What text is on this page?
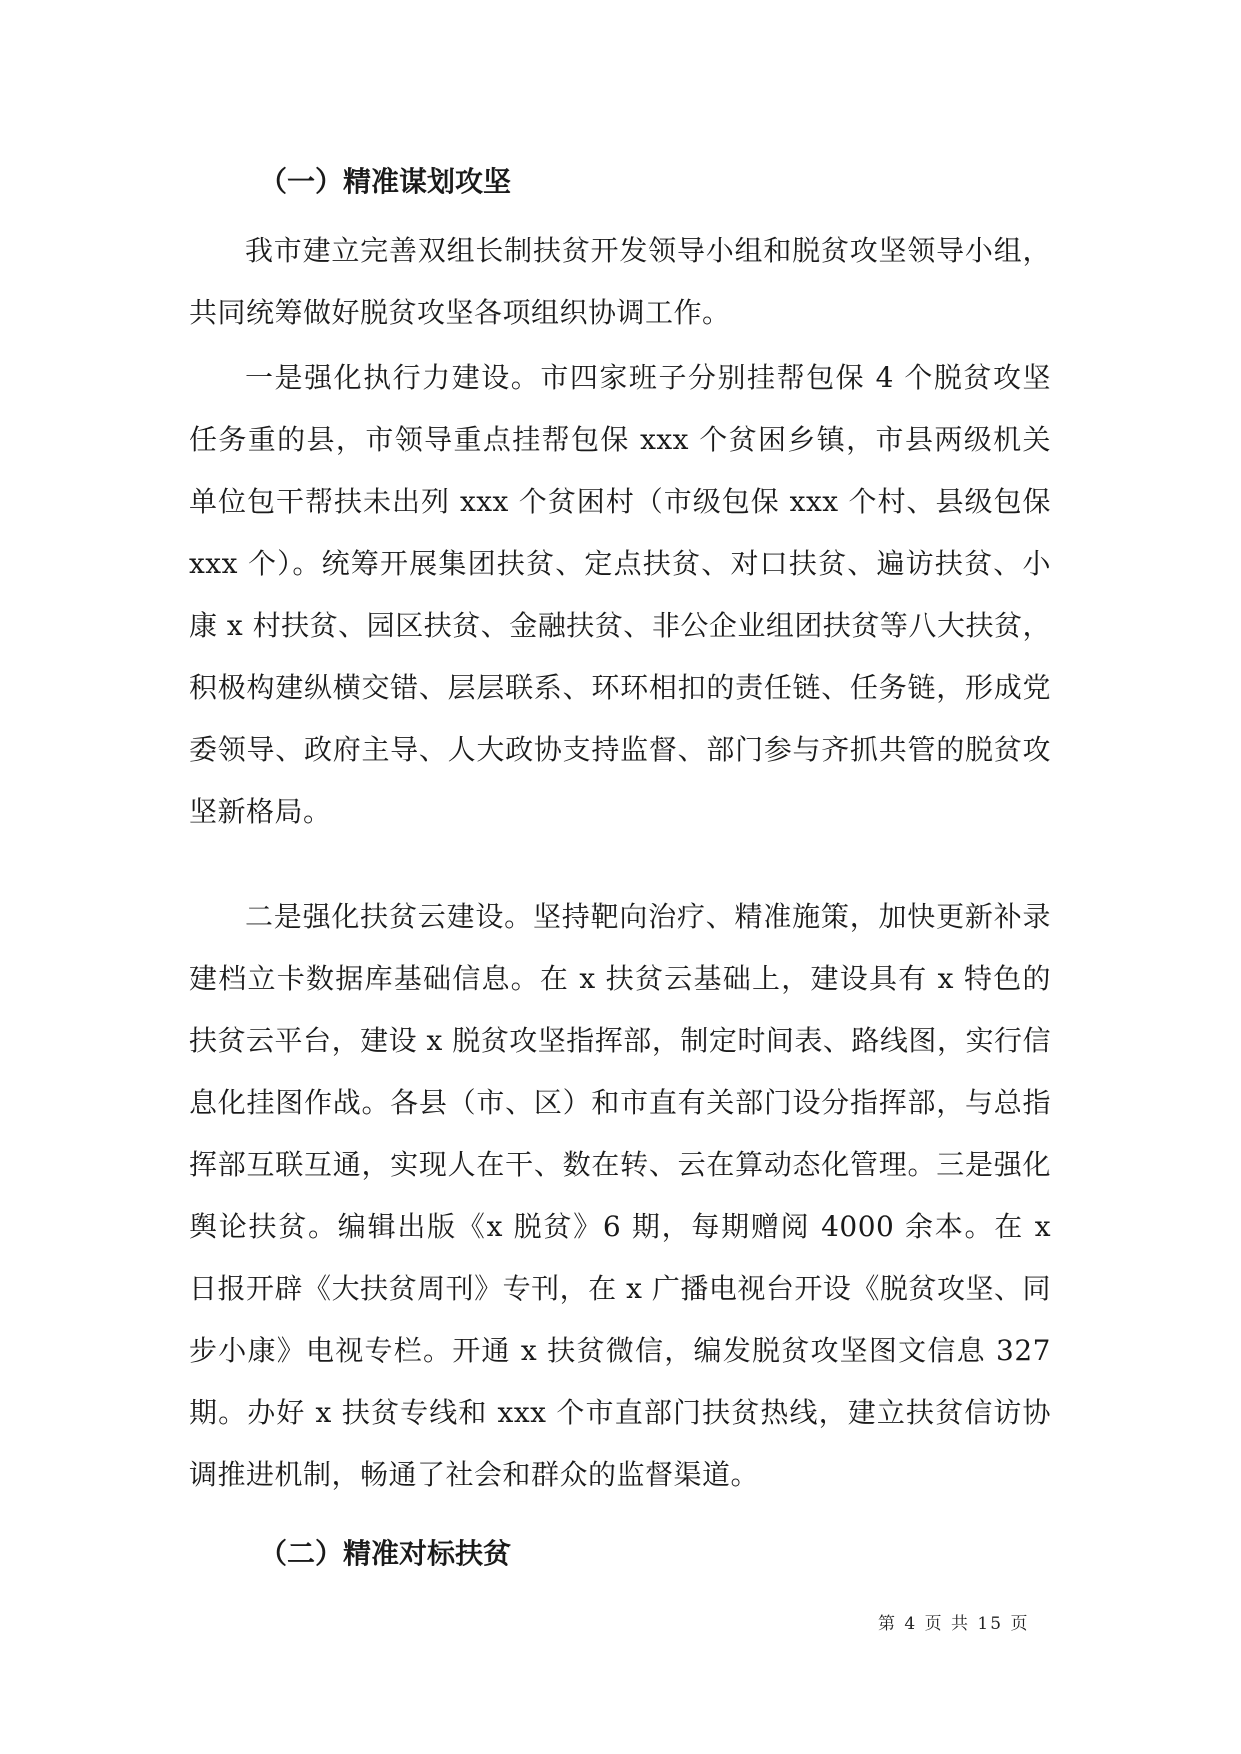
（一）精准谋划攻坚

我市建立完善双组长制扶贫开发领导小组和脱贫攻坚领导小组，共同统筹做好脱贫攻坚各项组织协调工作。

一是强化执行力建设。市四家班子分别挂帮包保 4 个脱贫攻坚任务重的县，市领导重点挂帮包保 xxx 个贫困乡镇，市县两级机关单位包干帮扶未出列 xxx 个贫困村（市级包保 xxx 个村、县级包保 xxx 个）。统筹开展集团扶贫、定点扶贫、对口扶贫、遍访扶贫、小康 x 村扶贫、园区扶贫、金融扶贫、非公企业组团扶贫等八大扶贫，积极构建纵横交错、层层联系、环环相扣的责任链、任务链，形成党委领导、政府主导、人大政协支持监督、部门参与齐抓共管的脱贫攻坚新格局。

二是强化扶贫云建设。坚持靶向治疗、精准施策，加快更新补录建档立卡数据库基础信息。在 x 扶贫云基础上，建设具有 x 特色的扶贫云平台，建设 x 脱贫攻坚指挥部，制定时间表、路线图，实行信息化挂图作战。各县（市、区）和市直有关部门设分指挥部，与总指挥部互联互通，实现人在干、数在转、云在算动态化管理。三是强化舆论扶贫。编辑出版《x 脱贫》6 期，每期赠阅 4000 余本。在 x 日报开辟《大扶贫周刊》专刊，在 x 广播电视台开设《脱贫攻坚、同步小康》电视专栏。开通 x 扶贫微信，编发脱贫攻坚图文信息 327 期。办好 x 扶贫专线和 xxx 个市直部门扶贫热线，建立扶贫信访协调推进机制，畅通了社会和群众的监督渠道。

（二）精准对标扶贫
第 4 页 共 15 页
